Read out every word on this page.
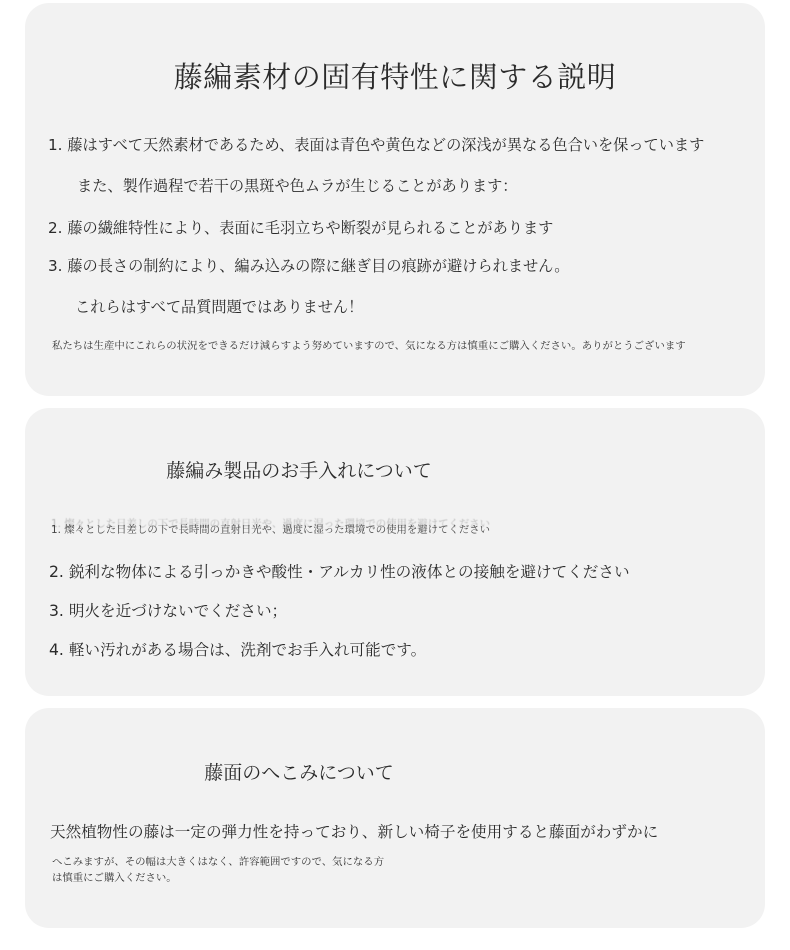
藤編素材の固有特性に関する説明
1. 藤はすべて天然素材であるため、表面は青色や黄色などの深浅が異なる色合いを保っています
また、製作過程で若干の黒斑や色ムラが生じることがあります：
2. 藤の繊維特性により、表面に毛羽立ちや断裂が見られることがあります
3. 藤の長さの制約により、編み込みの際に継ぎ目の痕跡が避けられません。
これらはすべて品質問題ではありません！
私たちは生産中にこれらの状況をできるだけ減らすよう努めていますので、気になる方は慎重にご購入ください。ありがとうございます
藤編み製品のお手入れについて
1. 燦々とした日差しの下で長時間の直射日光や、過度に湿った環境での使用を避けてください
2. 鋭利な物体による引っかきや酸性・アルカリ性の液体との接触を避けてください
3. 明火を近づけないでください；
4. 軽い汚れがある場合は、洗剤でお手入れ可能です。
藤面のへこみについて
天然植物性の藤は一定の弾力性を持っており、新しい椅子を使用すると藤面がわずかに
へこみますが、その幅は大きくはなく、許容範囲ですので、気になる方
は慎重にご購入ください。
